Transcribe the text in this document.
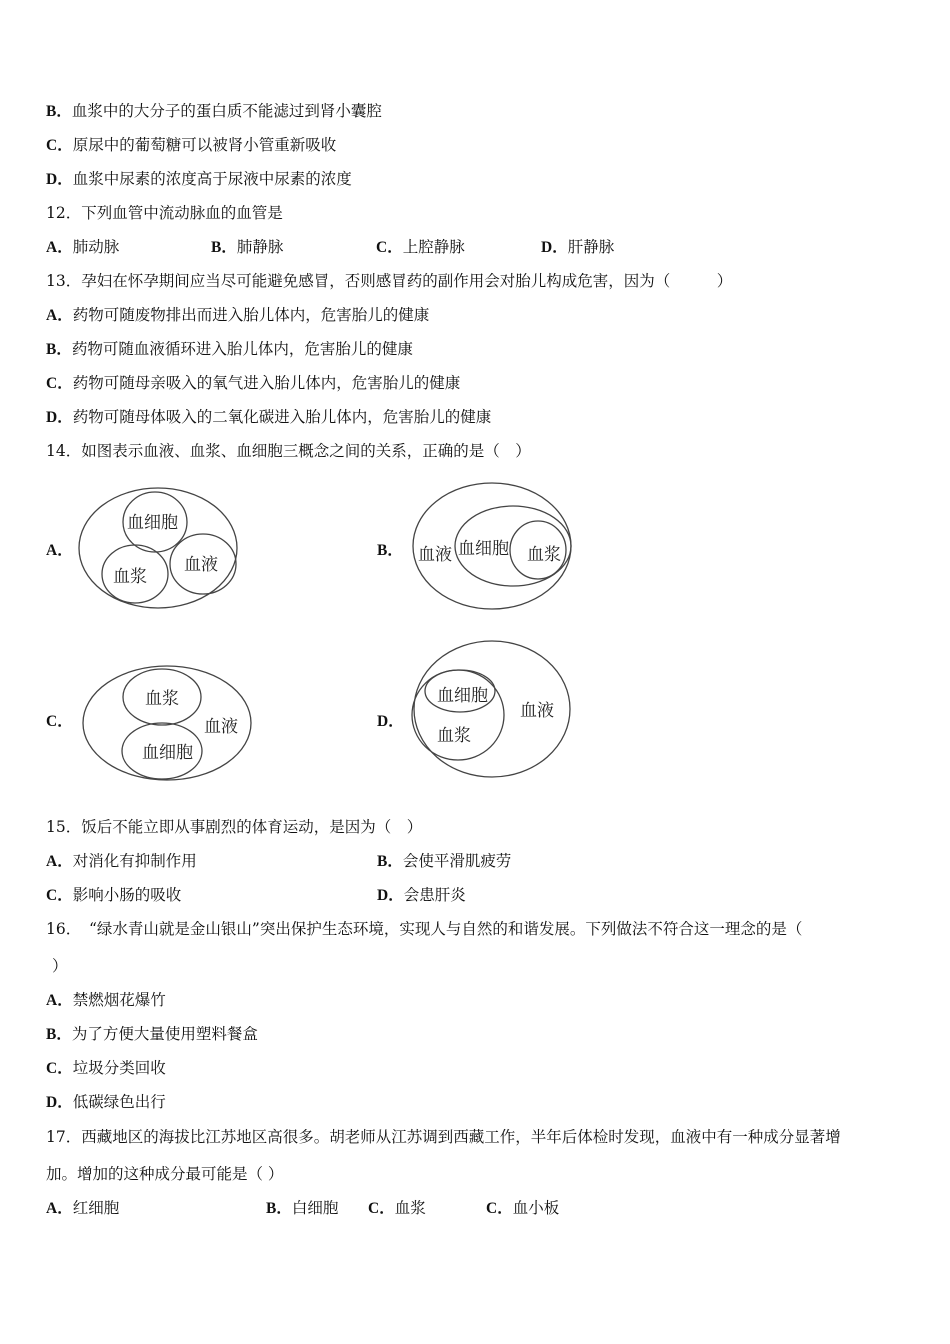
B．血浆中的大分子的蛋白质不能滤过到肾小囊腔
C．原尿中的葡萄糖可以被肾小管重新吸收
D．血浆中尿素的浓度高于尿液中尿素的浓度
12．下列血管中流动脉血的血管是
A．肺动脉	B．肺静脉	C．上腔静脉	D．肝静脉
13．孕妇在怀孕期间应当尽可能避免感冒，否则感冒药的副作用会对胎儿构成危害，因为（　　　）
A．药物可随废物排出而进入胎儿体内，危害胎儿的健康
B．药物可随血液循环进入胎儿体内，危害胎儿的健康
C．药物可随母亲吸入的氧气进入胎儿体内，危害胎儿的健康
D．药物可随母体吸入的二氧化碳进入胎儿体内，危害胎儿的健康
14．如图表示血液、血浆、血细胞三概念之间的关系，正确的是（　）
A．
血细胞
血浆
血液
B． 血液 血细胞 血浆
C．
血浆
血液
血细胞
D．
血细胞
血浆
血液
15．饭后不能立即从事剧烈的体育运动，是因为（　）
A．对消化有抑制作用	B．会使平滑肌疲劳
C．影响小肠的吸收	D．会患肝炎
16．　“绿水青山就是金山银山”突出保护生态环境，实现人与自然的和谐发展。下列做法不符合这一理念的是（
）
A．禁燃烟花爆竹
B．为了方便大量使用塑料餐盒
C．垃圾分类回收
D．低碳绿色出行
17．西藏地区的海拔比江苏地区高很多。胡老师从江苏调到西藏工作，半年后体检时发现，血液中有一种成分显著增
加。增加的这种成分最可能是（ ）
A．红细胞	B．白细胞 C．血浆	C．血小板
